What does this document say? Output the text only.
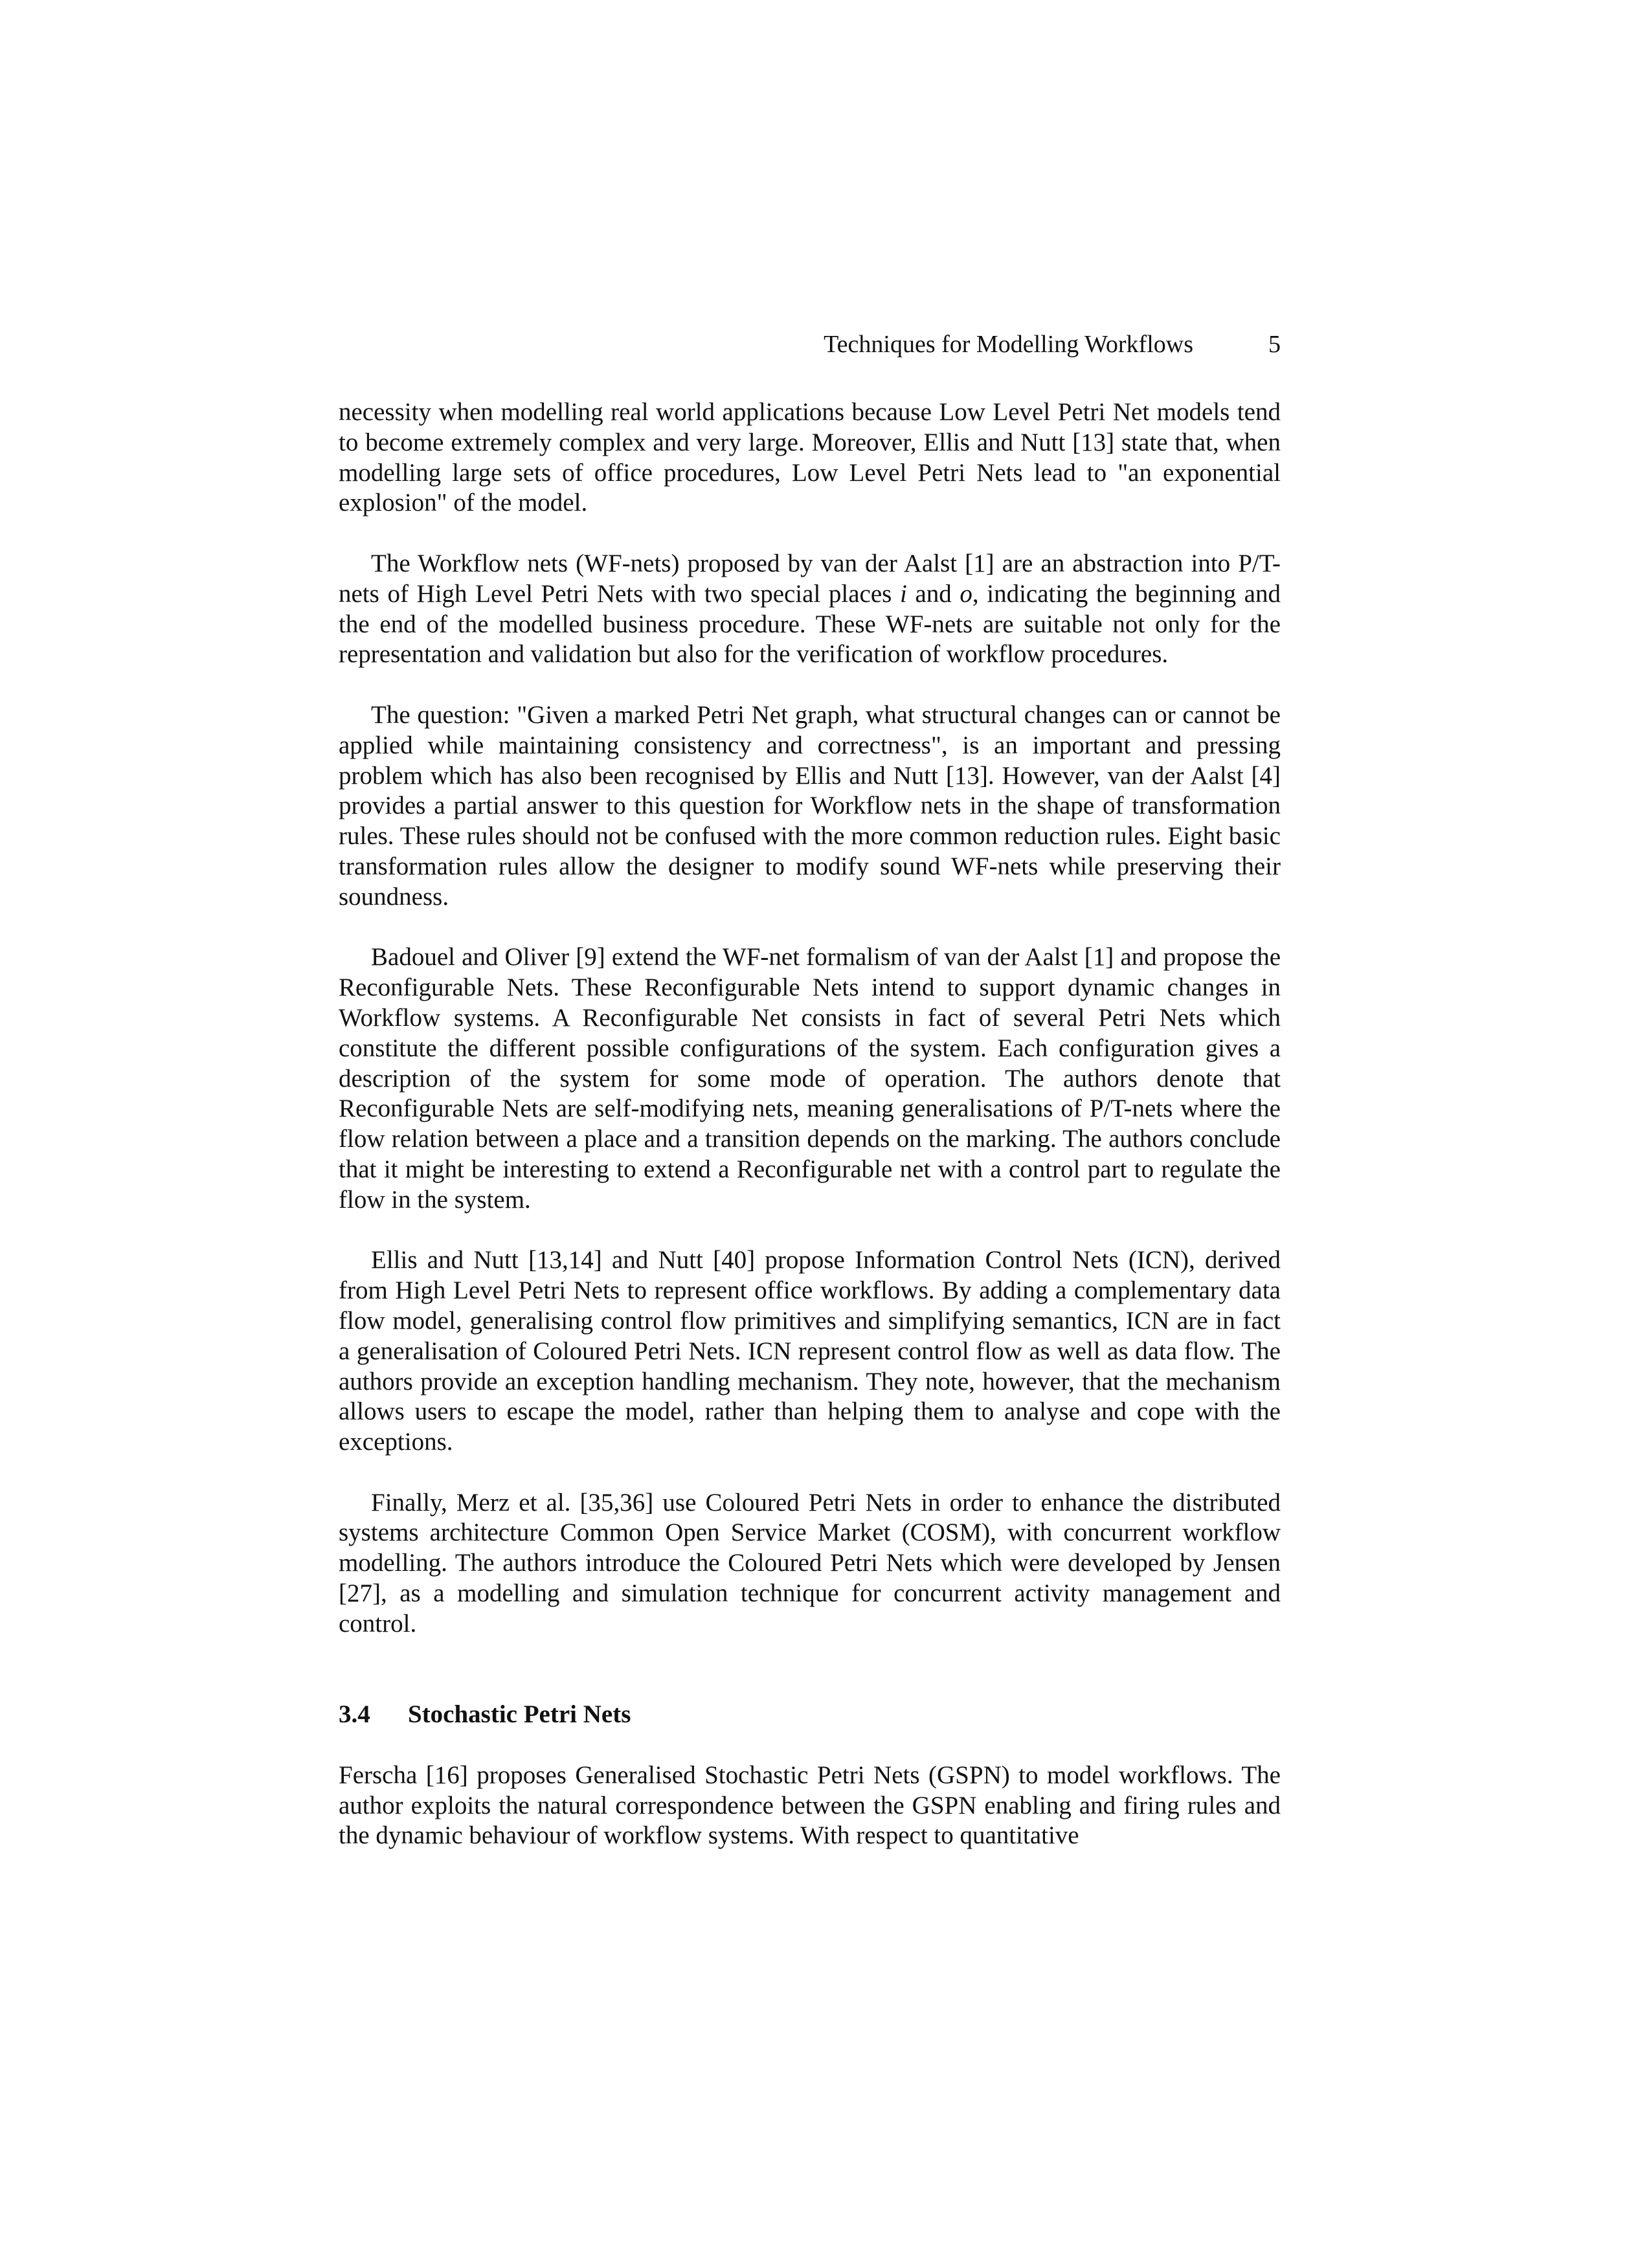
Techniques for Modelling Workflows	5

necessity when modelling real world applications because Low Level Petri Net models tend to become extremely complex and very large. Moreover, Ellis and Nutt [13] state that, when modelling large sets of office procedures, Low Level Petri Nets lead to "an exponential explosion" of the model.

The Workflow nets (WF-nets) proposed by van der Aalst [1] are an abstraction into P/T-nets of High Level Petri Nets with two special places i and o, indicating the beginning and the end of the modelled business procedure. These WF-nets are suitable not only for the representation and validation but also for the verification of workflow procedures.

The question: "Given a marked Petri Net graph, what structural changes can or cannot be applied while maintaining consistency and correctness", is an important and pressing problem which has also been recognised by Ellis and Nutt [13]. However, van der Aalst [4] provides a partial answer to this question for Workflow nets in the shape of transformation rules. These rules should not be confused with the more common reduction rules. Eight basic transformation rules allow the designer to modify sound WF-nets while preserving their soundness.

Badouel and Oliver [9] extend the WF-net formalism of van der Aalst [1] and propose the Reconfigurable Nets. These Reconfigurable Nets intend to support dynamic changes in Workflow systems. A Reconfigurable Net consists in fact of several Petri Nets which constitute the different possible configurations of the system. Each configuration gives a description of the system for some mode of operation. The authors denote that Reconfigurable Nets are self-modifying nets, meaning generalisations of P/T-nets where the flow relation between a place and a transition depends on the marking. The authors conclude that it might be interesting to extend a Reconfigurable net with a control part to regulate the flow in the system.

Ellis and Nutt [13,14] and Nutt [40] propose Information Control Nets (ICN), derived from High Level Petri Nets to represent office workflows. By adding a complementary data flow model, generalising control flow primitives and simplifying semantics, ICN are in fact a generalisation of Coloured Petri Nets. ICN represent control flow as well as data flow. The authors provide an exception handling mechanism. They note, however, that the mechanism allows users to escape the model, rather than helping them to analyse and cope with the exceptions.

Finally, Merz et al. [35,36] use Coloured Petri Nets in order to enhance the distributed systems architecture Common Open Service Market (COSM), with concurrent workflow modelling. The authors introduce the Coloured Petri Nets which were developed by Jensen [27], as a modelling and simulation technique for concurrent activity management and control.

3.4 Stochastic Petri Nets

Ferscha [16] proposes Generalised Stochastic Petri Nets (GSPN) to model workflows. The author exploits the natural correspondence between the GSPN enabling and firing rules and the dynamic behaviour of workflow systems. With respect to quantitative
